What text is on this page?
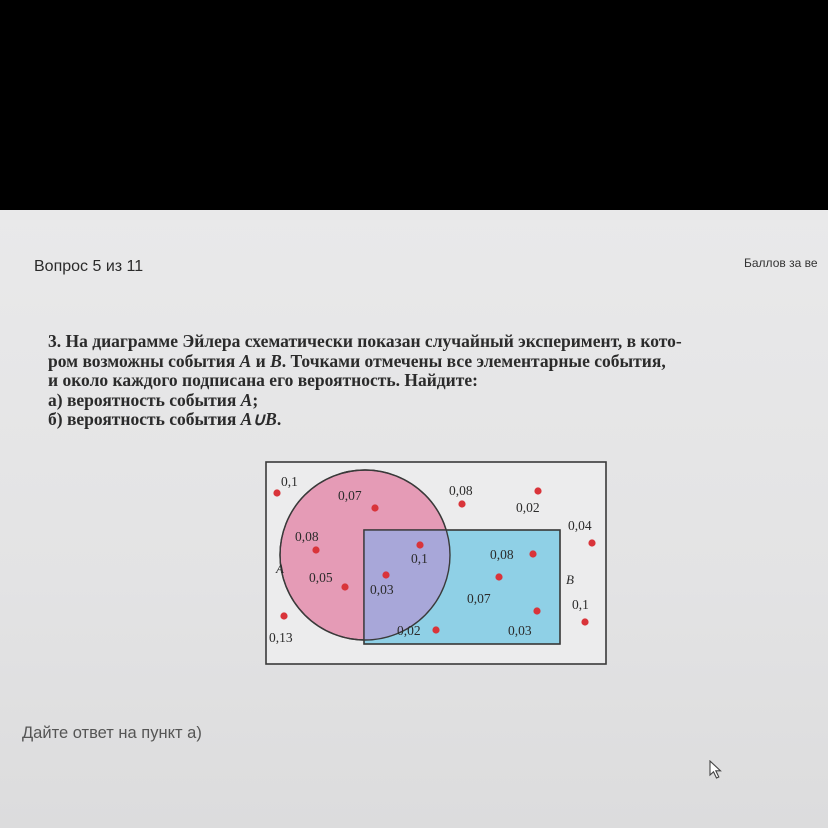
Вопрос 5 из 11	Баллов за ве
3. На диаграмме Эйлера схематически показан случайный эксперимент, в кото-
ром возможны события A и B. Точками отмечены все элементарные события,
и около каждого подписана его вероятность. Найдите:
а) вероятность события A;
б) вероятность события A∪B.
A
B
0,1
0,07	0,08
0,02
0,08
0,04
0,1	0,08
0,05
0,03
0,07	0,1
0,13	0,02	0,03
Дайте ответ на пункт а)
